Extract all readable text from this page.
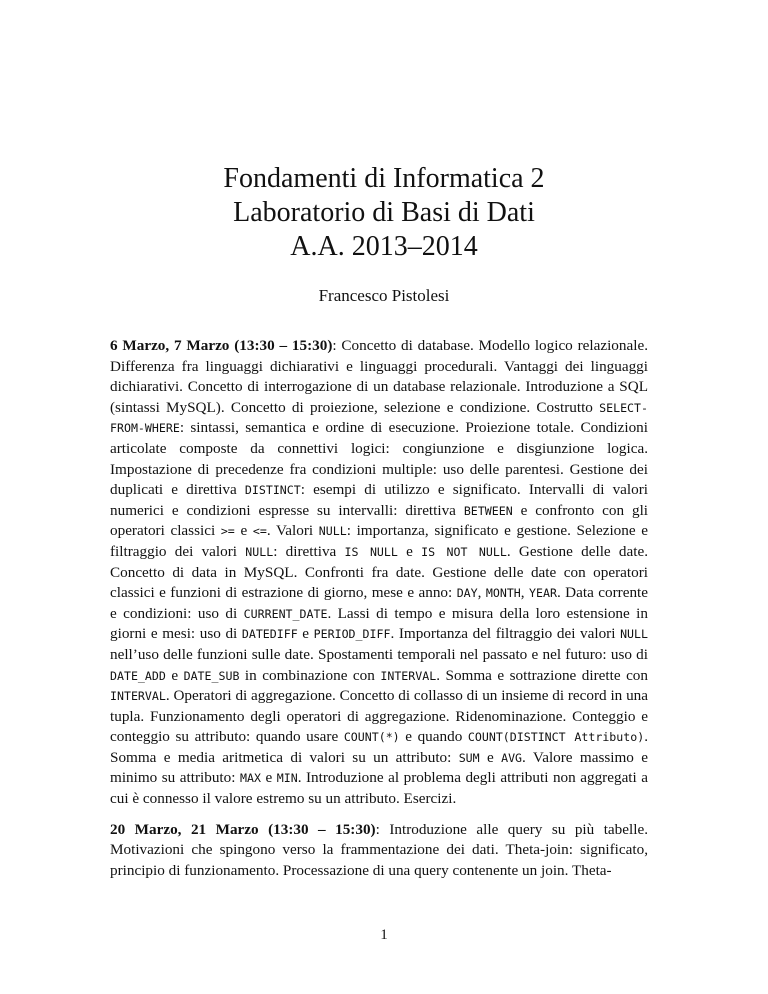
Fondamenti di Informatica 2
Laboratorio di Basi di Dati
A.A. 2013–2014
Francesco Pistolesi

6 Marzo, 7 Marzo (13:30 – 15:30): Concetto di database. Modello logico relazionale. Differenza fra linguaggi dichiarativi e linguaggi procedurali. Vantaggi dei linguaggi dichiarativi. Concetto di interrogazione di un database relazionale. Introduzione a SQL (sintassi MySQL). Concetto di proiezione, selezione e condizione. Costrutto SELECT-FROM-WHERE: sintassi, semantica e ordine di esecuzione. Proiezione totale. Condizioni articolate composte da connettivi logici: congiunzione e disgiunzione logica. Impostazione di precedenze fra condizioni multiple: uso delle parentesi. Gestione dei duplicati e direttiva DISTINCT: esempi di utilizzo e significato. Intervalli di valori numerici e condizioni espresse su intervalli: direttiva BETWEEN e confronto con gli operatori classici >= e <=. Valori NULL: importanza, significato e gestione. Selezione e filtraggio dei valori NULL: direttiva IS NULL e IS NOT NULL. Gestione delle date. Concetto di data in MySQL. Confronti fra date. Gestione delle date con operatori classici e funzioni di estrazione di giorno, mese e anno: DAY, MONTH, YEAR. Data corrente e condizioni: uso di CURRENT_DATE. Lassi di tempo e misura della loro estensione in giorni e mesi: uso di DATEDIFF e PERIOD_DIFF. Importanza del filtraggio dei valori NULL nell’uso delle funzioni sulle date. Spostamenti temporali nel passato e nel futuro: uso di DATE_ADD e DATE_SUB in combinazione con INTERVAL. Somma e sottrazione dirette con INTERVAL. Operatori di aggregazione. Concetto di collasso di un insieme di record in una tupla. Funzionamento degli operatori di aggregazione. Ridenominazione. Conteggio e conteggio su attributo: quando usare COUNT(*) e quando COUNT(DISTINCT Attributo). Somma e media aritmetica di valori su un attributo: SUM e AVG. Valore massimo e minimo su attributo: MAX e MIN. Introduzione al problema degli attributi non aggregati a cui è connesso il valore estremo su un attributo. Esercizi.

20 Marzo, 21 Marzo (13:30 – 15:30): Introduzione alle query su più tabelle. Motivazioni che spingono verso la frammentazione dei dati. Theta-join: significato, principio di funzionamento. Processazione di una query contenente un join. Theta-

1
